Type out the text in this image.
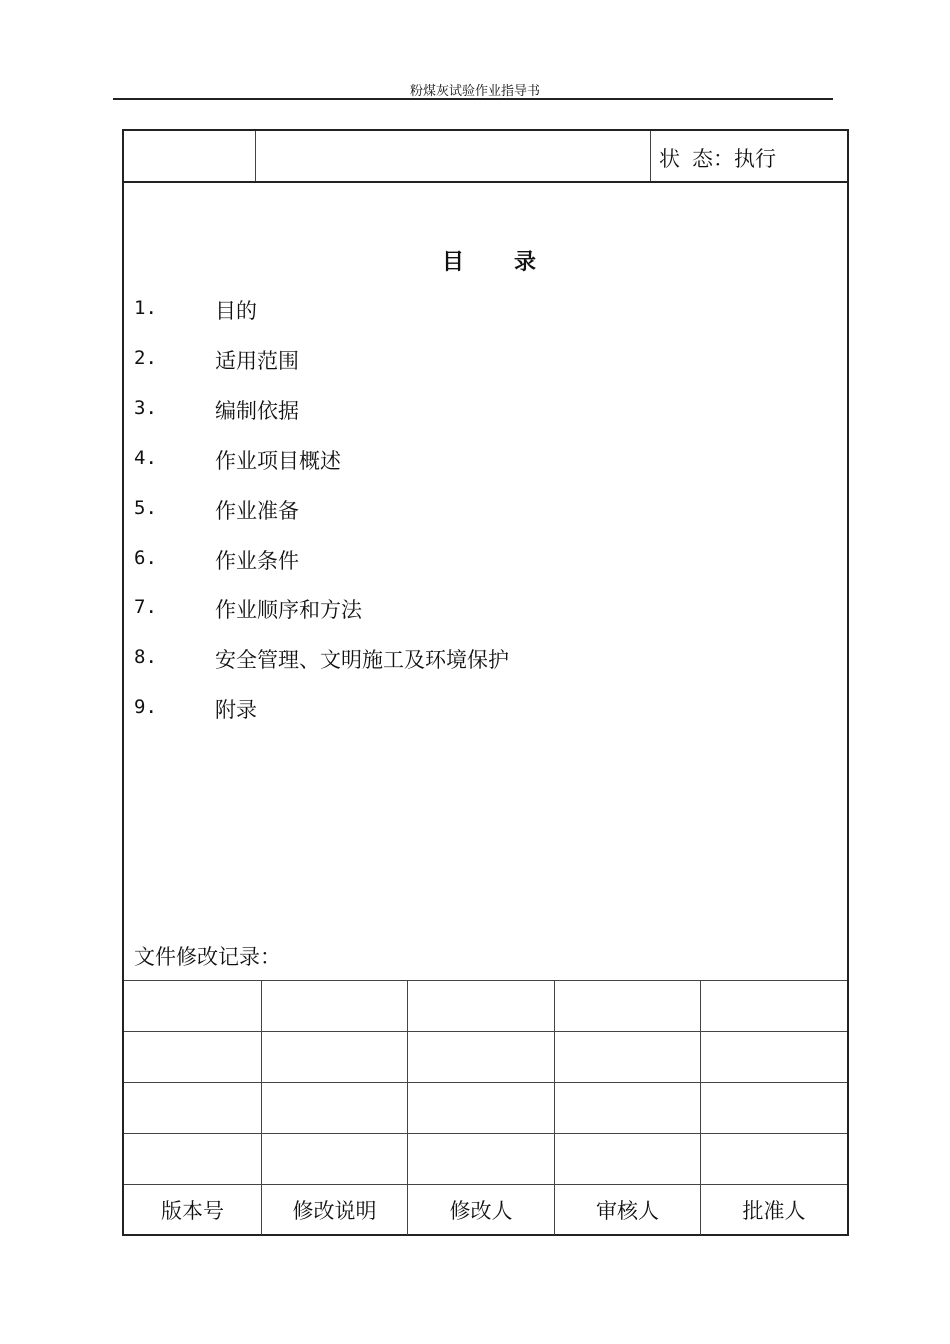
粉煤灰试验作业指导书
状 态：执行
目 录
1.	目的
2.	适用范围
3.	编制依据
4.	作业项目概述
5.	作业准备
6.	作业条件
7.	作业顺序和方法
8.	安全管理、文明施工及环境保护
9.	附录
文件修改记录：
版本号	修改说明	修改人	审核人	批准人
